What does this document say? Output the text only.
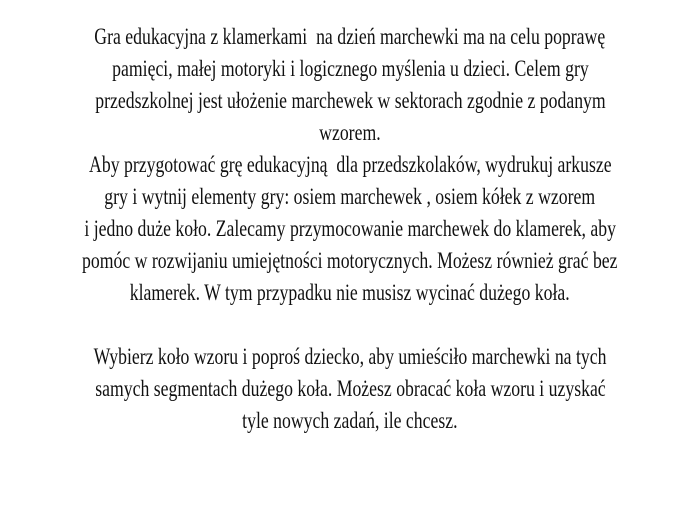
Gra edukacyjna z klamerkami  na dzień marchewki ma na celu poprawę
pamięci, małej motoryki i logicznego myślenia u dzieci. Celem gry
przedszkolnej jest ułożenie marchewek w sektorach zgodnie z podanym
wzorem.
Aby przygotować grę edukacyjną  dla przedszkolaków, wydrukuj arkusze
gry i wytnij elementy gry: osiem marchewek , osiem kółek z wzorem
i jedno duże koło. Zalecamy przymocowanie marchewek do klamerek, aby
pomóc w rozwijaniu umiejętności motorycznych. Możesz również grać bez
klamerek. W tym przypadku nie musisz wycinać dużego koła.
Wybierz koło wzoru i poproś dziecko, aby umieściło marchewki na tych
samych segmentach dużego koła. Możesz obracać koła wzoru i uzyskać
tyle nowych zadań, ile chcesz.
